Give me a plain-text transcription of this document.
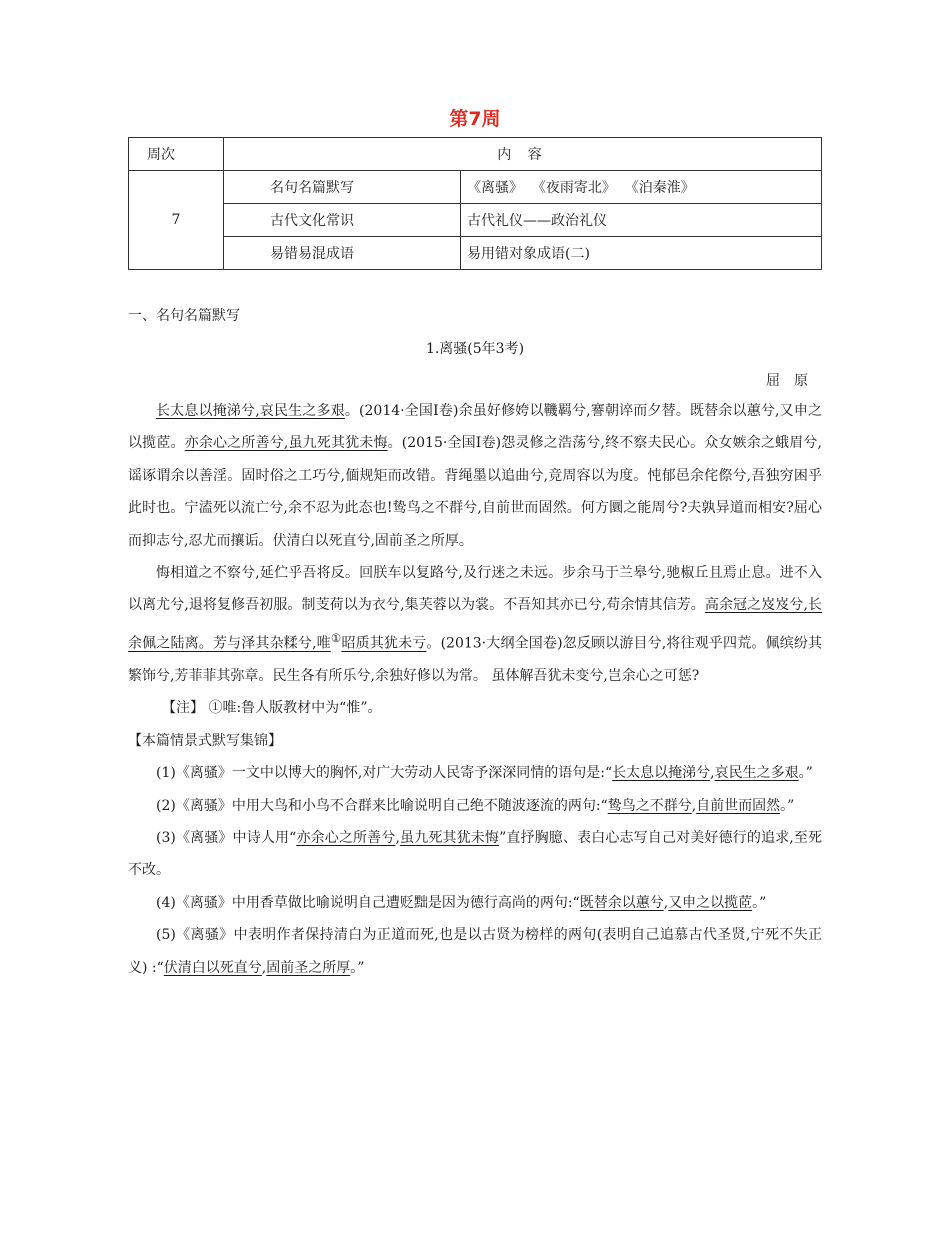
第7周
周次	内 容	
7	名句名篇默写	《离骚》  《夜雨寄北》  《泊秦淮》
	古代文化常识	古代礼仪——政治礼仪
	易错易混成语	易用错对象成语(二)
一、名句名篇默写
1.离骚(5年3考)
屈原

长太息以掩涕兮,哀民生之多艰。(2014·全国Ⅰ卷)余虽好修姱以鞿羁兮,謇朝谇而夕替。既替余以蕙兮,又申之以揽茝。亦余心之所善兮,虽九死其犹未悔。(2015·全国Ⅰ卷)怨灵修之浩荡兮,终不察夫民心。众女嫉余之蛾眉兮,谣诼谓余以善淫。固时俗之工巧兮,偭规矩而改错。背绳墨以追曲兮,竞周容以为度。忳郁邑余侘傺兮,吾独穷困乎此时也。宁溘死以流亡兮,余不忍为此态也!鸷鸟之不群兮,自前世而固然。何方圜之能周兮?夫孰异道而相安?屈心而抑志兮,忍尤而攘诟。伏清白以死直兮,固前圣之所厚。

悔相道之不察兮,延伫乎吾将反。回朕车以复路兮,及行迷之未远。步余马于兰皋兮,驰椒丘且焉止息。进不入以离尤兮,退将复修吾初服。制芰荷以为衣兮,集芙蓉以为裳。不吾知其亦已兮,苟余情其信芳。高余冠之岌岌兮,长余佩之陆离。芳与泽其杂糅兮,唯①昭质其犹未亏。(2013·大纲全国卷)忽反顾以游目兮,将往观乎四荒。佩缤纷其繁饰兮,芳菲菲其弥章。民生各有所乐兮,余独好修以为常。 虽体解吾犹未变兮,岂余心之可惩?

【注】 ①唯:鲁人版教材中为“惟”。

【本篇情景式默写集锦】

(1)《离骚》一文中以博大的胸怀,对广大劳动人民寄予深深同情的语句是:“长太息以掩涕兮,哀民生之多艰。”

(2)《离骚》中用大鸟和小鸟不合群来比喻说明自己绝不随波逐流的两句:“鸷鸟之不群兮,自前世而固然。”

(3)《离骚》中诗人用“亦余心之所善兮,虽九死其犹未悔”直抒胸臆、表白心志写自己对美好德行的追求,至死不改。

(4)《离骚》中用香草做比喻说明自己遭贬黜是因为德行高尚的两句:“既替余以蕙兮,又申之以揽茝。”

(5)《离骚》中表明作者保持清白为正道而死,也是以古贤为榜样的两句(表明自己追慕古代圣贤,宁死不失正义) :“伏清白以死直兮,固前圣之所厚。”
